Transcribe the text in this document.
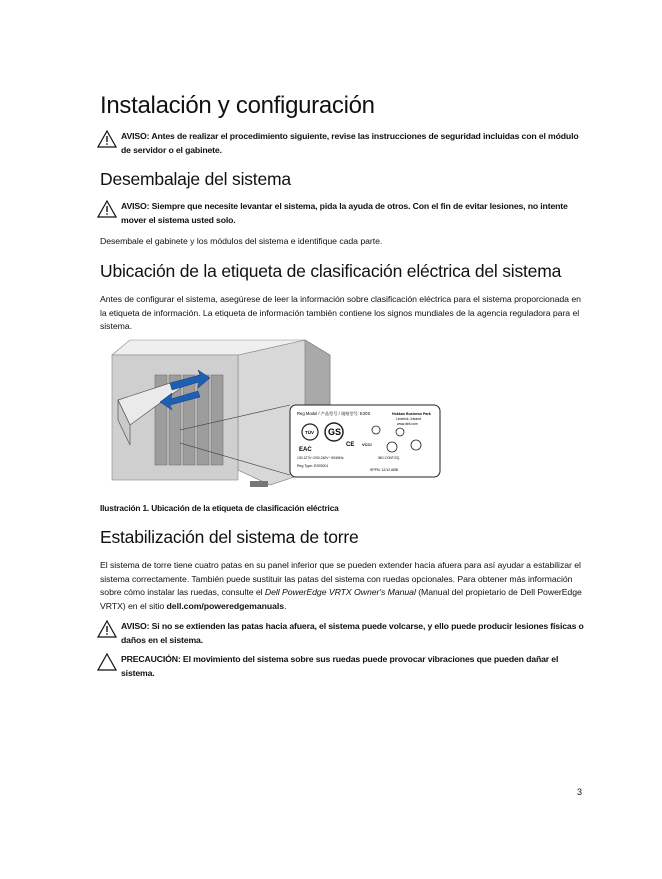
Instalación y configuración
AVISO: Antes de realizar el procedimiento siguiente, revise las instrucciones de seguridad incluidas con el módulo de servidor o el gabinete.
Desembalaje del sistema
AVISO: Siempre que necesite levantar el sistema, pida la ayuda de otros. Con el fin de evitar lesiones, no intente mover el sistema usted solo.

Desembale el gabinete y los módulos del sistema e identifique cada parte.

Ubicación de la etiqueta de clasificación eléctrica del sistema

Antes de configurar el sistema, asegúrese de leer la información sobre clasificación eléctrica para el sistema proporcionada en la etiqueta de información. La etiqueta de información también contiene los signos mundiales de la agencia reguladora para el sistema.

Reg Model / 产品型号 / 規格型号: E20S	Hokkan Business Park
Limerick, Ireland
www.dell.com
TÜV GS
VCCI
CE
EAC
100-127V~/200-240V~ 50/60Hz	IND.CONT.EQ.
Reg Type: E20S001
SPPN: 12/12 ABB
Ilustración 1. Ubicación de la etiqueta de clasificación eléctrica
Estabilización del sistema de torre

El sistema de torre tiene cuatro patas en su panel inferior que se pueden extender hacia afuera para así ayudar a estabilizar el sistema correctamente. También puede sustituir las patas del sistema con ruedas opcionales. Para obtener más información sobre cómo instalar las ruedas, consulte el Dell PowerEdge VRTX Owner's Manual (Manual del propietario de Dell PowerEdge VRTX) en el sitio dell.com/poweredgemanuals.

AVISO: Si no se extienden las patas hacia afuera, el sistema puede volcarse, y ello puede producir lesiones físicas o daños en el sistema.
PRECAUCIÓN: El movimiento del sistema sobre sus ruedas puede provocar vibraciones que pueden dañar el sistema.
3
